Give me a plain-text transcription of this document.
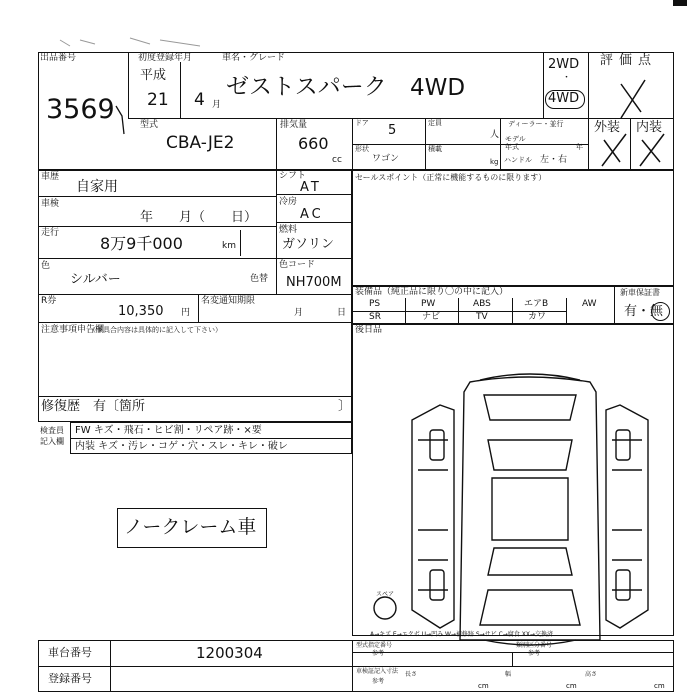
出品番号
3569
初度登録年月
平成
21 4 月
車名・グレード
ゼストスパーク 4WD
2WD
・
4WD
評価点
外装 内装
型式
CBA-JE2
排気量
660
cc
ドア 5	定員
人
形状
ワゴン
積載
kg
ディーラー・並行
モデル
年式	年
ハンドル 左・右
車歴
自家用
車検
年　　月（　　日）
走行
8万9千000	km
シフト
AT
冷房
AC
燃料
ガソリン
セールスポイント（正常に機能するものに限ります）
色
シルバー	色替
色コード
NH700M
R券
10,350 円
名変通知期限
月	日
装備品（純正品に限り〇の中に記入）
PS	PW	ABS	エアB	AW
SR	ナビ	TV	カワ
新車保証書
有・無
注意事項申告欄
（不具合内容は具体的に記入して下さい）
修復歴　有〔箇所	〕
後日品
検査員
記入欄
FW キズ・飛石・ヒビ割・リペア跡・×要
内装 キズ・汚レ・コゲ・穴・スレ・キレ・破レ
ノークレーム車
スペア
A→キズ E→エクボ U→凹み W→補修跡 S→サビ C→腐食 XX→交換済
車台番号	1200304
登録番号
型式指定番号
参考
類別区分番号
参考
車検証記入寸法
参考
長さ	幅	高さ
cm	cm	cm
